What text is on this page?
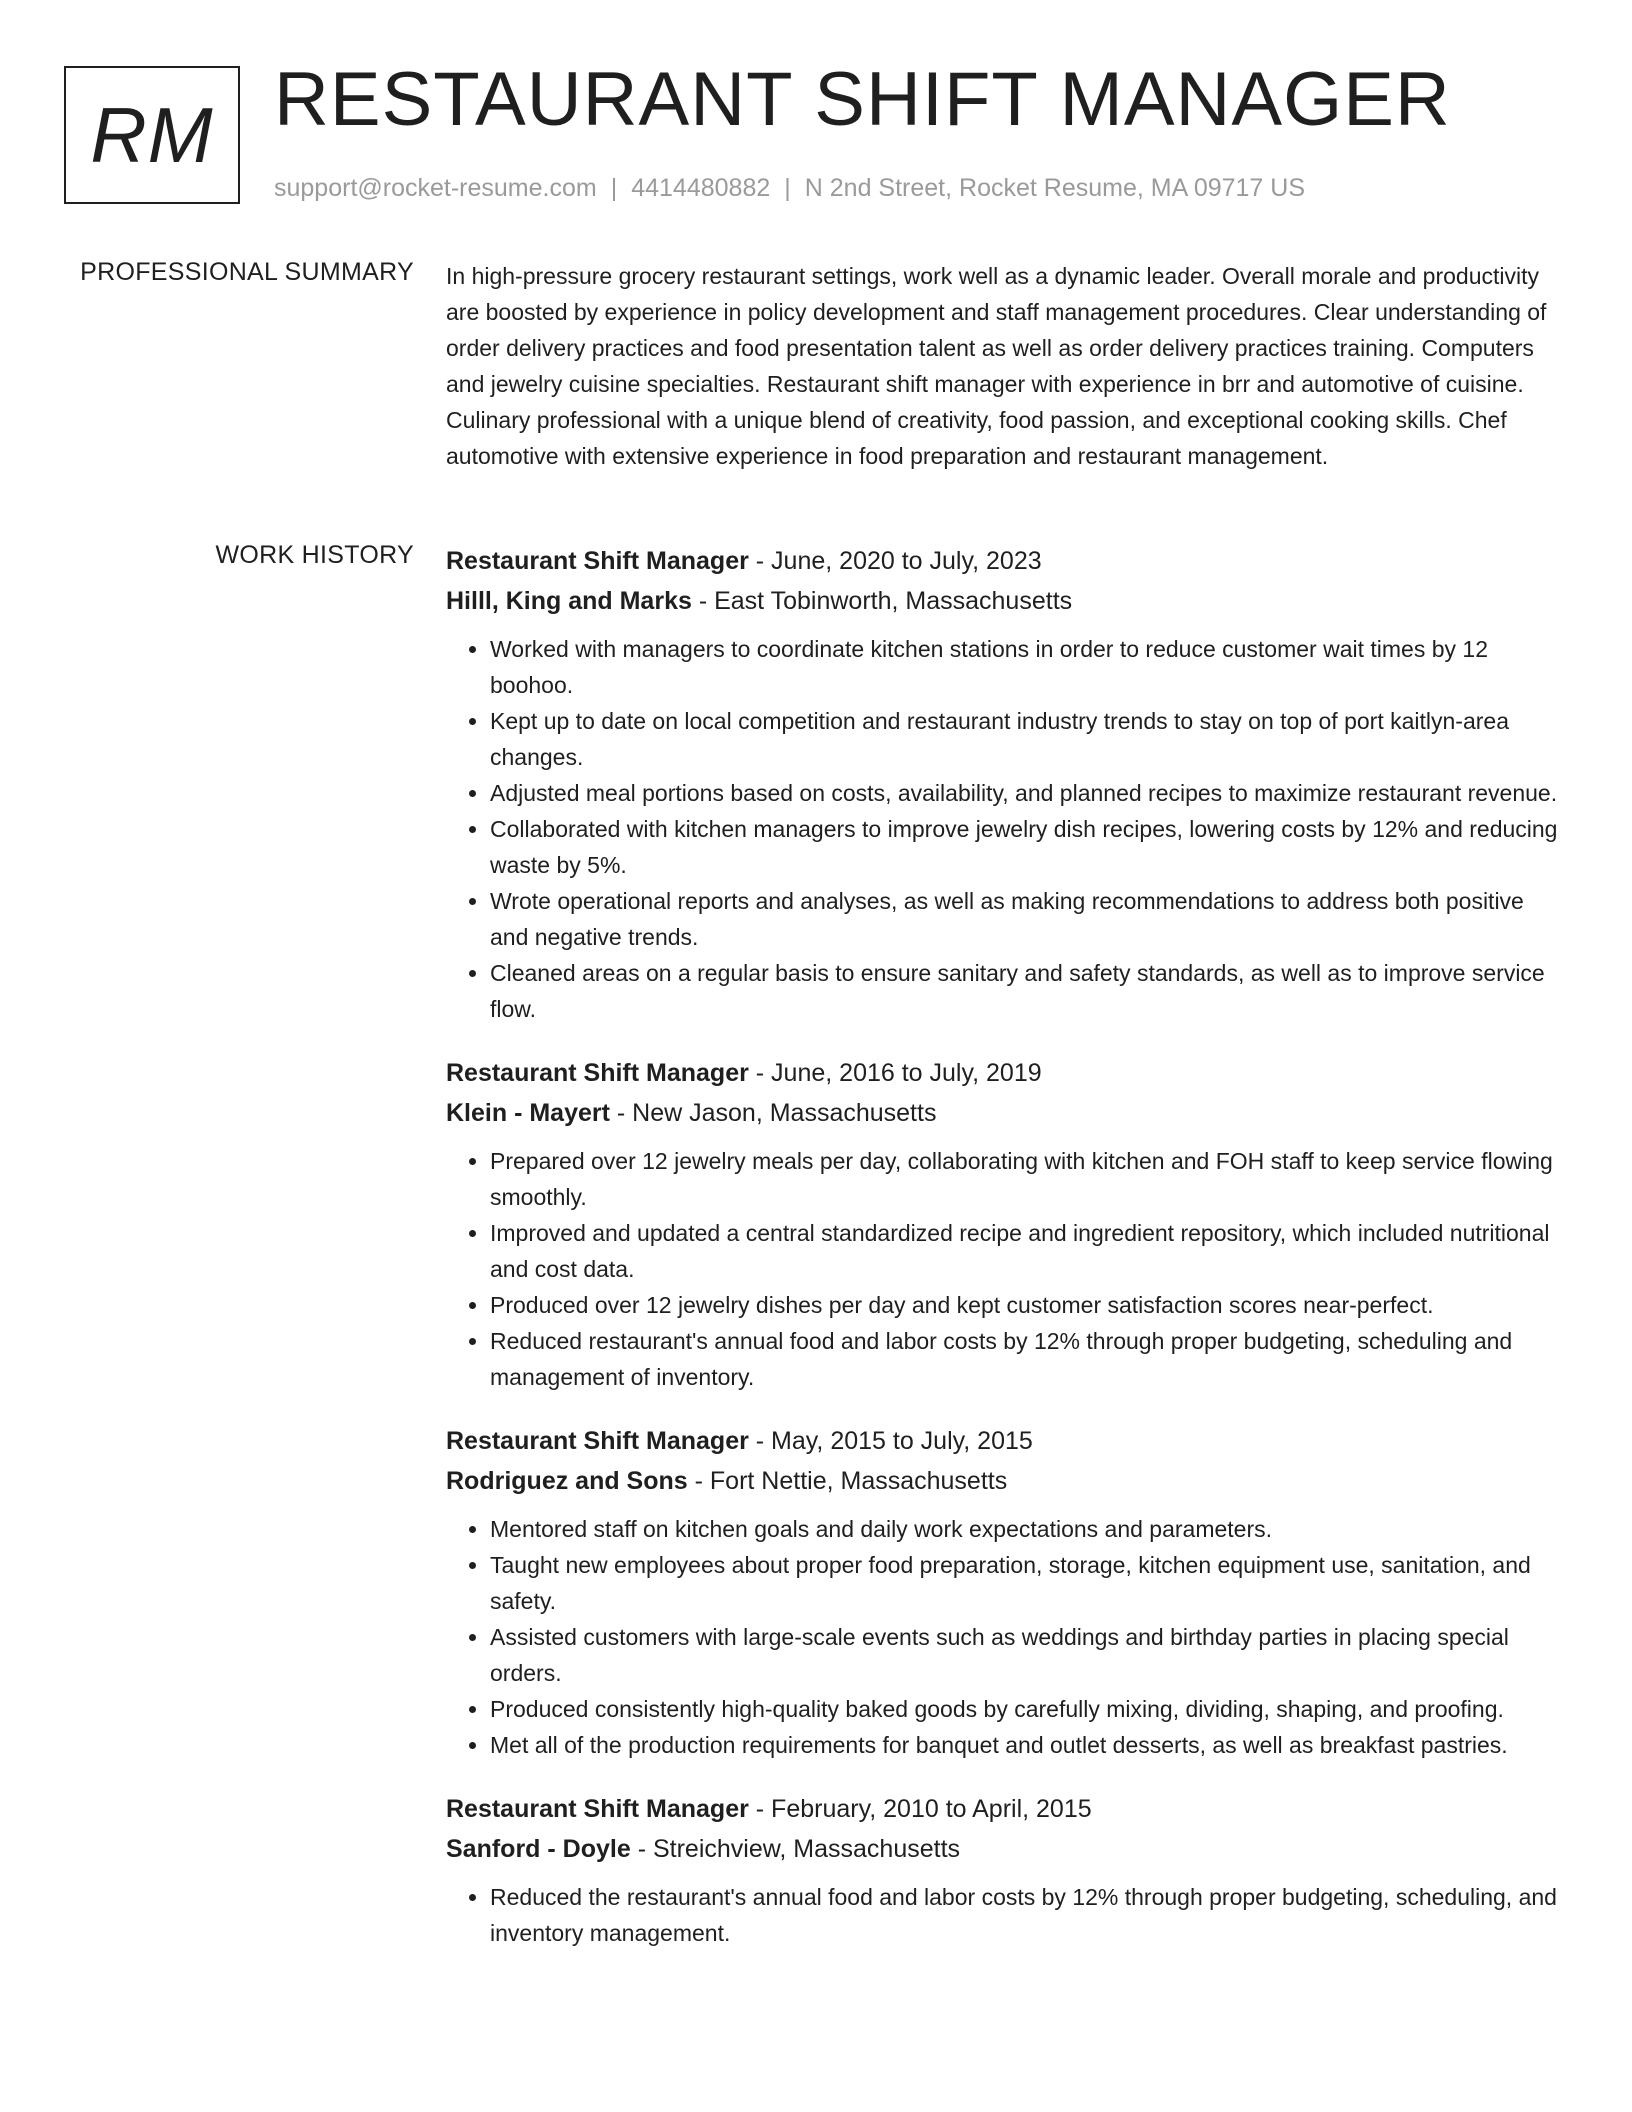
RM RESTAURANT SHIFT MANAGER
support@rocket-resume.com | 4414480882 | N 2nd Street, Rocket Resume, MA 09717 US
PROFESSIONAL SUMMARY In high-pressure grocery restaurant settings, work well as a dynamic leader. Overall morale and productivity are boosted by experience in policy development and staff management procedures. Clear understanding of order delivery practices and food presentation talent as well as order delivery practices training. Computers and jewelry cuisine specialties. Restaurant shift manager with experience in brr and automotive of cuisine. Culinary professional with a unique blend of creativity, food passion, and exceptional cooking skills. Chef automotive with extensive experience in food preparation and restaurant management.

WORK HISTORY Restaurant Shift Manager - June, 2020 to July, 2023
Hilll, King and Marks - East Tobinworth, Massachusetts
• Worked with managers to coordinate kitchen stations in order to reduce customer wait times by 12 boohoo.
• Kept up to date on local competition and restaurant industry trends to stay on top of port kaitlyn-area changes.
• Adjusted meal portions based on costs, availability, and planned recipes to maximize restaurant revenue.
• Collaborated with kitchen managers to improve jewelry dish recipes, lowering costs by 12% and reducing waste by 5%.
• Wrote operational reports and analyses, as well as making recommendations to address both positive and negative trends.
• Cleaned areas on a regular basis to ensure sanitary and safety standards, as well as to improve service flow.
Restaurant Shift Manager - June, 2016 to July, 2019
Klein - Mayert - New Jason, Massachusetts
• Prepared over 12 jewelry meals per day, collaborating with kitchen and FOH staff to keep service flowing smoothly.
• Improved and updated a central standardized recipe and ingredient repository, which included nutritional and cost data.
• Produced over 12 jewelry dishes per day and kept customer satisfaction scores near-perfect.
• Reduced restaurant's annual food and labor costs by 12% through proper budgeting, scheduling and management of inventory.
Restaurant Shift Manager - May, 2015 to July, 2015
Rodriguez and Sons - Fort Nettie, Massachusetts
• Mentored staff on kitchen goals and daily work expectations and parameters.
• Taught new employees about proper food preparation, storage, kitchen equipment use, sanitation, and safety.
• Assisted customers with large-scale events such as weddings and birthday parties in placing special orders.
• Produced consistently high-quality baked goods by carefully mixing, dividing, shaping, and proofing.
• Met all of the production requirements for banquet and outlet desserts, as well as breakfast pastries.
Restaurant Shift Manager - February, 2010 to April, 2015
Sanford - Doyle - Streichview, Massachusetts
• Reduced the restaurant's annual food and labor costs by 12% through proper budgeting, scheduling, and inventory management.
